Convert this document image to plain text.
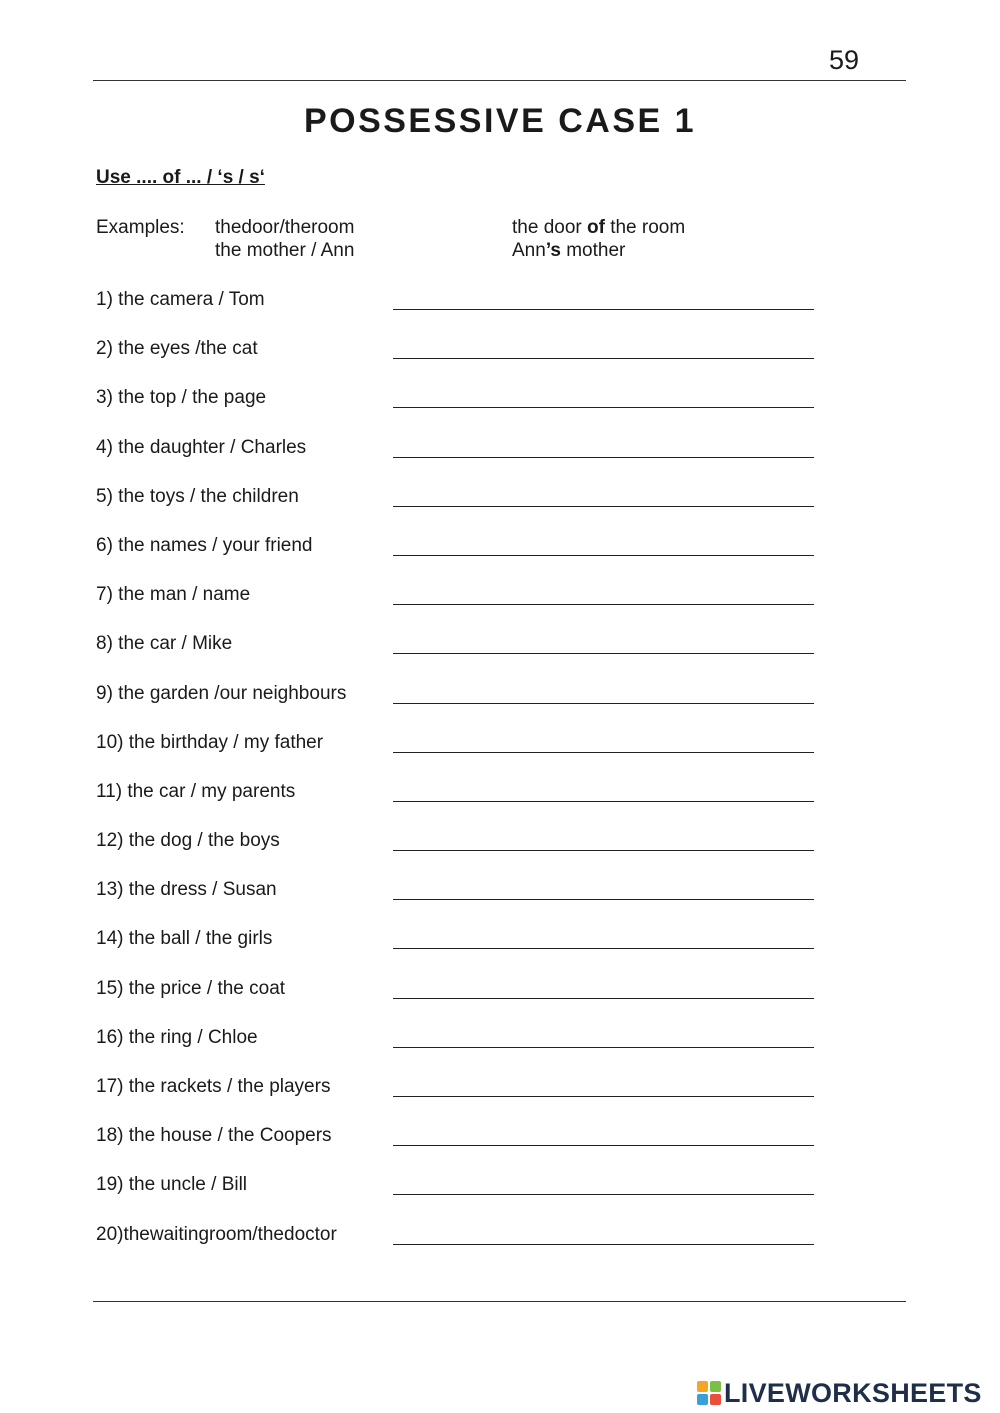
59
POSSESSIVE CASE 1
Use .... of ... / ‘s / s‘
Examples: thedoor/theroom	the door of the room
the mother / Ann	Ann’s mother
1) the camera / Tom
2) the eyes /the cat
3) the top / the page
4) the daughter / Charles
5) the toys / the children
6) the names / your friend
7) the man / name
8) the car / Mike
9) the garden /our neighbours
10) the birthday / my father
11) the car / my parents
12) the dog / the boys
13) the dress / Susan
14) the ball / the girls
15) the price / the coat
16) the ring / Chloe
17) the rackets / the players
18) the house / the Coopers
19) the uncle / Bill
20)thewaitingroom/thedoctor
LIVEWORKSHEETS
